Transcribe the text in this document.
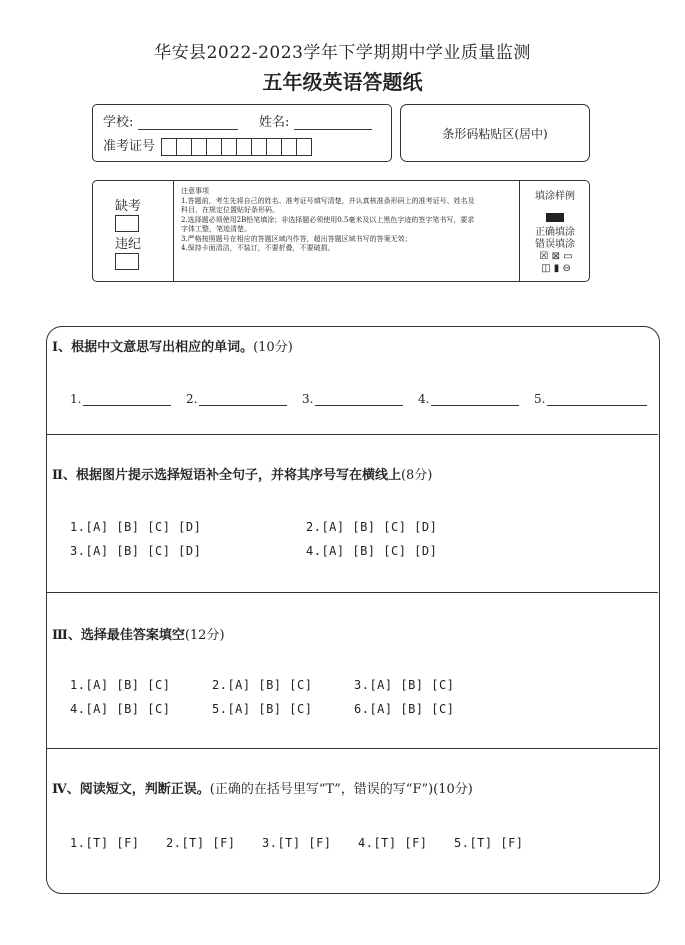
华安县2022-2023学年下学期期中学业质量监测
五年级英语答题纸
学校:	姓名:
准考证号
条形码粘贴区(居中)
缺考
违纪
注意事项
1.答题前，考生先将自己的姓名、准考证号填写清楚，并认真核准条形码上的准考证号、姓名及科目，在规定位置贴好条形码。
2.选择题必须使用2B铅笔填涂；非选择题必须使用0.5毫米及以上黑色字迹的签字笔书写，要求字体工整，笔迹清楚。
3.严格按照题号在相应的答题区域内作答，超出答题区域书写的答案无效；
4.保持卡面清洁，不装订，不要折叠，不要破损。
填涂样例
正确填涂
错误填涂
☒ ⊠ ▭
◫ ▮ ⊖
Ⅰ、根据中文意思写出相应的单词。(10分)
1.	2.	3.	4.	5.
Ⅱ、根据图片提示选择短语补全句子，并将其序号写在横线上(8分)
1.[A] [B] [C] [D]	2.[A] [B] [C] [D]
3.[A] [B] [C] [D]	4.[A] [B] [C] [D]
Ⅲ、选择最佳答案填空(12分)
1.[A] [B] [C]	2.[A] [B] [C]	3.[A] [B] [C]
4.[A] [B] [C]	5.[A] [B] [C]	6.[A] [B] [C]
Ⅳ、阅读短文，判断正误。(正确的在括号里写“T”，错误的写“F”)(10分)
1.[T] [F] 2.[T] [F] 3.[T] [F] 4.[T] [F] 5.[T] [F]
